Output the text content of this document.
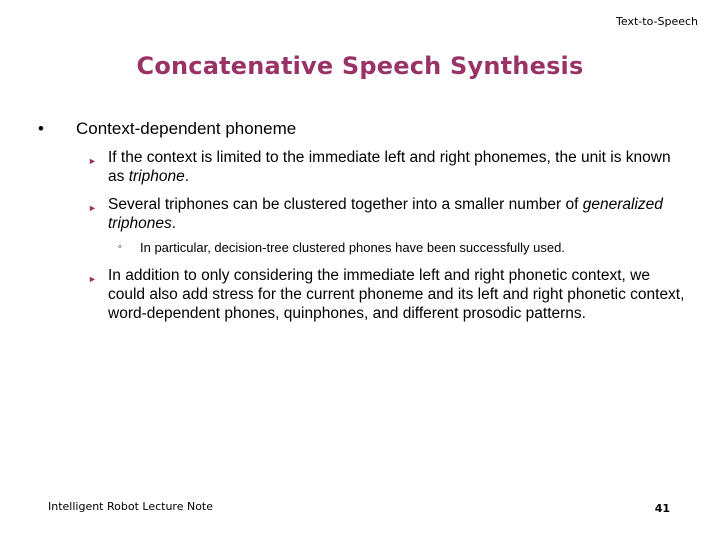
Text-to-Speech
Concatenative Speech Synthesis
•	Context-dependent phoneme
► If the context is limited to the immediate left and right phonemes, the unit is known as triphone.
► Several triphones can be clustered together into a smaller number of generalized triphones.
◦	In particular, decision-tree clustered phones have been successfully used.
► In addition to only considering the immediate left and right phonetic context, we could also add stress for the current phoneme and its left and right phonetic context, word-dependent phones, quinphones, and different prosodic patterns.
Intelligent Robot Lecture Note	41
